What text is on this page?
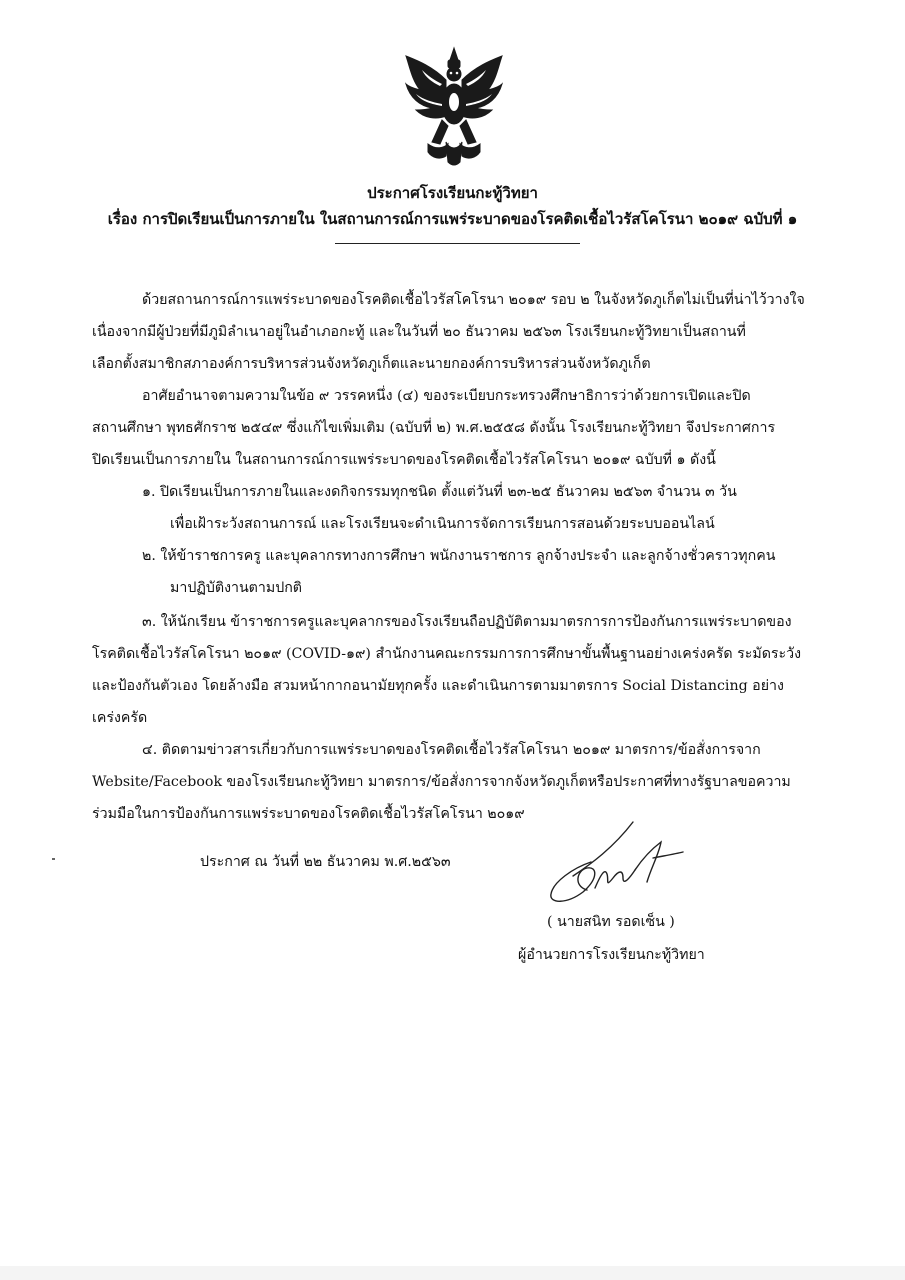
ประกาศโรงเรียนกะทู้วิทยา
เรื่อง การปิดเรียนเป็นการภายใน ในสถานการณ์การแพร่ระบาดของโรคติดเชื้อไวรัสโคโรนา ๒๐๑๙ ฉบับที่ ๑
ด้วยสถานการณ์การแพร่ระบาดของโรคติดเชื้อไวรัสโคโรนา ๒๐๑๙ รอบ ๒ ในจังหวัดภูเก็ตไม่เป็นที่น่าไว้วางใจ
เนื่องจากมีผู้ป่วยที่มีภูมิลำเนาอยู่ในอำเภอกะทู้ และในวันที่ ๒๐ ธันวาคม ๒๕๖๓ โรงเรียนกะทู้วิทยาเป็นสถานที่
เลือกตั้งสมาชิกสภาองค์การบริหารส่วนจังหวัดภูเก็ตและนายกองค์การบริหารส่วนจังหวัดภูเก็ต
อาศัยอำนาจตามความในข้อ ๙ วรรคหนึ่ง (๔) ของระเบียบกระทรวงศึกษาธิการว่าด้วยการเปิดและปิด
สถานศึกษา พุทธศักราช ๒๕๔๙ ซึ่งแก้ไขเพิ่มเติม (ฉบับที่ ๒) พ.ศ.๒๕๕๘ ดังนั้น โรงเรียนกะทู้วิทยา จึงประกาศการ
ปิดเรียนเป็นการภายใน ในสถานการณ์การแพร่ระบาดของโรคติดเชื้อไวรัสโคโรนา ๒๐๑๙ ฉบับที่ ๑ ดังนี้
๑. ปิดเรียนเป็นการภายในและงดกิจกรรมทุกชนิด ตั้งแต่วันที่ ๒๓-๒๕ ธันวาคม ๒๕๖๓ จำนวน ๓ วัน
เพื่อเฝ้าระวังสถานการณ์ และโรงเรียนจะดำเนินการจัดการเรียนการสอนด้วยระบบออนไลน์
๒. ให้ข้าราชการครู และบุคลากรทางการศึกษา พนักงานราชการ ลูกจ้างประจำ และลูกจ้างชั่วคราวทุกคน
มาปฏิบัติงานตามปกติ
๓. ให้นักเรียน ข้าราชการครูและบุคลากรของโรงเรียนถือปฏิบัติตามมาตรการการป้องกันการแพร่ระบาดของ
โรคติดเชื้อไวรัสโคโรนา ๒๐๑๙ (COVID-๑๙) สำนักงานคณะกรรมการการศึกษาขั้นพื้นฐานอย่างเคร่งครัด ระมัดระวัง
และป้องกันตัวเอง โดยล้างมือ สวมหน้ากากอนามัยทุกครั้ง และดำเนินการตามมาตรการ Social Distancing อย่าง
เคร่งครัด
๔. ติดตามข่าวสารเกี่ยวกับการแพร่ระบาดของโรคติดเชื้อไวรัสโคโรนา ๒๐๑๙ มาตรการ/ข้อสั่งการจาก
Website/Facebook ของโรงเรียนกะทู้วิทยา มาตรการ/ข้อสั่งการจากจังหวัดภูเก็ตหรือประกาศที่ทางรัฐบาลขอความ
ร่วมมือในการป้องกันการแพร่ระบาดของโรคติดเชื้อไวรัสโคโรนา ๒๐๑๙
ประกาศ ณ วันที่ ๒๒ ธันวาคม พ.ศ.๒๕๖๓
( นายสนิท รอดเซ็น )
ผู้อำนวยการโรงเรียนกะทู้วิทยา
